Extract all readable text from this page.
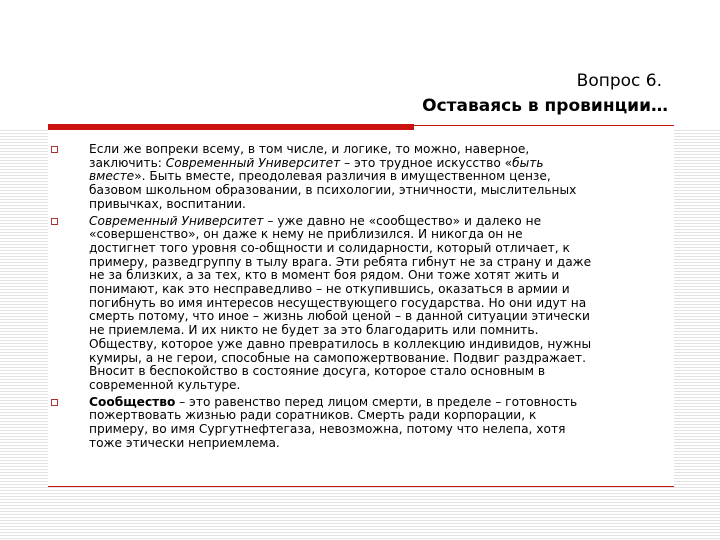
Вопрос 6.
Оставаясь в провинции…
Если же вопреки всему, в том числе, и логике, то можно, наверное,
заключить: Современный Университет – это трудное искусство «быть
вместе». Быть вместе, преодолевая различия в имущественном цензе,
базовом школьном образовании, в психологии, этничности, мыслительных
привычках, воспитании.
Современный Университет – уже давно не «сообщество» и далеко не
«совершенство», он даже к нему не приблизился. И никогда он не
достигнет того уровня со-общности и солидарности, который отличает, к
примеру, разведгруппу в тылу врага. Эти ребята гибнут не за страну и даже
не за близких, а за тех, кто в момент боя рядом. Они тоже хотят жить и
понимают, как это несправедливо – не откупившись, оказаться в армии и
погибнуть во имя интересов несуществующего государства. Но они идут на
смерть потому, что иное – жизнь любой ценой – в данной ситуации этически
не приемлема. И их никто не будет за это благодарить или помнить.
Обществу, которое уже давно превратилось в коллекцию индивидов, нужны
кумиры, а не герои, способные на самопожертвование. Подвиг раздражает.
Вносит в беспокойство в состояние досуга, которое стало основным в
современной культуре.
Сообщество – это равенство перед лицом смерти, в пределе – готовность
пожертвовать жизнью ради соратников. Смерть ради корпорации, к
примеру, во имя Сургутнефтегаза, невозможна, потому что нелепа, хотя
тоже этически неприемлема.
